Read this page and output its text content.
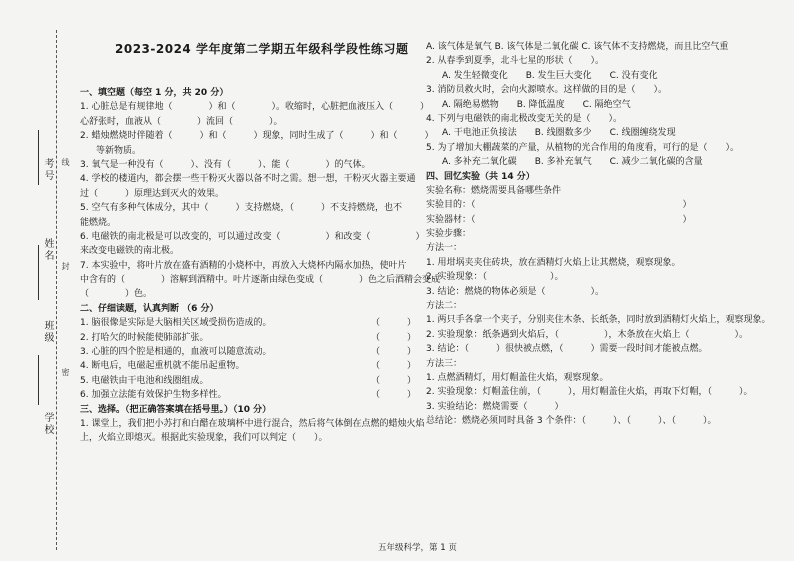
考号
姓名
班级
学校
线
封
密
2023-2024 学年度第二学期五年级科学段性练习题

一、填空题（每空 1 分，共 20 分）

1. 心脏总是有规律地（　　　　）和（　　　　）。收缩时，心脏把血液压入（　　　）

心舒张时，血液从（　　　　）流回（　　　　）。

2. 蜡烛燃烧时伴随着（　　　）和（　　　）现象，同时生成了（　　　）和（　　　）

等新物质。

3. 氧气是一种没有（　　　）、没有（　　　）、能（　　　　）的气体。

4. 学校的楼道内，都会摆一些干粉灭火器以备不时之需。想一想，干粉灭火器主要通

过（　　　）原理达到灭火的效果。

5. 空气有多种气体成分，其中（　　　）支持燃烧，（　　　）不支持燃烧，也不

能燃烧。

6. 电磁铁的南北极是可以改变的，可以通过改变（　　　　　）和改变（　　　　　）

来改变电磁铁的南北极。

7. 本实验中，将叶片放在盛有酒精的小烧杯中，再放入大烧杯内隔水加热，使叶片

中含有的（　　　　）溶解到酒精中。叶片逐渐由绿色变成（　　　　）色之后酒精会变成

（　　　　）色。

二、仔细读题，认真判断 （6 分）

1. 脑很像是实际是大脑相关区域受损伤造成的。	（　　　）
2. 打哈欠的时候能使肺部扩张。	（　　　）
3. 心脏的四个腔是相通的，血液可以随意流动。	（　　　）
4. 断电后，电磁起重机就不能吊起重物。	（　　　）
5. 电磁铁由干电池和线圈组成。	（　　　）
6. 加强立法能有效保护生物多样性。	（　　　）

三、选择。（把正确答案填在括号里。）（10 分）

1. 课堂上，我们把小苏打和白醋在玻璃杯中进行混合，然后将气体倒在点燃的蜡烛火焰

上，火焰立即熄灭。根据此实验现象，我们可以判定（　　）。

A. 该气体是氧气 B. 该气体是二氧化碳 C. 该气体不支持燃烧，而且比空气重

2. 从春季到夏季，北斗七星的形状（　　）。

A. 发生轻微变化　　B. 发生巨大变化　　C. 没有变化

3. 消防员救火时，会向火源喷水。这样做的目的是（　　）。

A. 隔绝易燃物　　B. 降低温度　　C. 隔绝空气

4. 下列与电磁铁的南北极改变无关的是（　　）。

A. 干电池正负接法　　B. 线圈数多少　　C. 线圈缠绕发现

5. 为了增加大棚蔬菜的产量，从植物的光合作用的角度看，可行的是（　　）。

A. 多补充二氧化碳　　B. 多补充氧气　　C. 减少二氧化碳的含量

四、回忆实验（共 14 分）

实验名称：燃烧需要具备哪些条件

实验目的：（　　　　　　　　　　　　　　　　　　　　　　　）

实验器材：（　　　　　　　　　　　　　　　　　　　　　　　）

实验步骤：

方法一：

1. 用坩埚夹夹住砖块，放在酒精灯火焰上让其燃烧，观察现象。

2. 实验现象：（　　　　　　　）。

3. 结论：燃烧的物体必须是（　　　　　）。

方法二：

1. 两只手各拿一个夹子，分别夹住木条、长纸条，同时放到酒精灯火焰上，观察现象。

2. 实验现象：纸条遇到火焰后，（　　　　　），木条放在火焰上（　　　　　）。

3. 结论：（　　　）很快被点燃，（　　　）需要一段时间才能被点燃。

方法三：

1. 点燃酒精灯，用灯帽盖住火焰，观察现象。

2. 实验现象：灯帽盖住前，（　　　），用灯帽盖住火焰，再取下灯帽，（　　　）。

3. 实验结论：燃烧需要（　　　）

总结论：燃烧必须同时具备 3 个条件：（　　　）、（　　　）、（　　　）。

五年级科学，第 1 页
